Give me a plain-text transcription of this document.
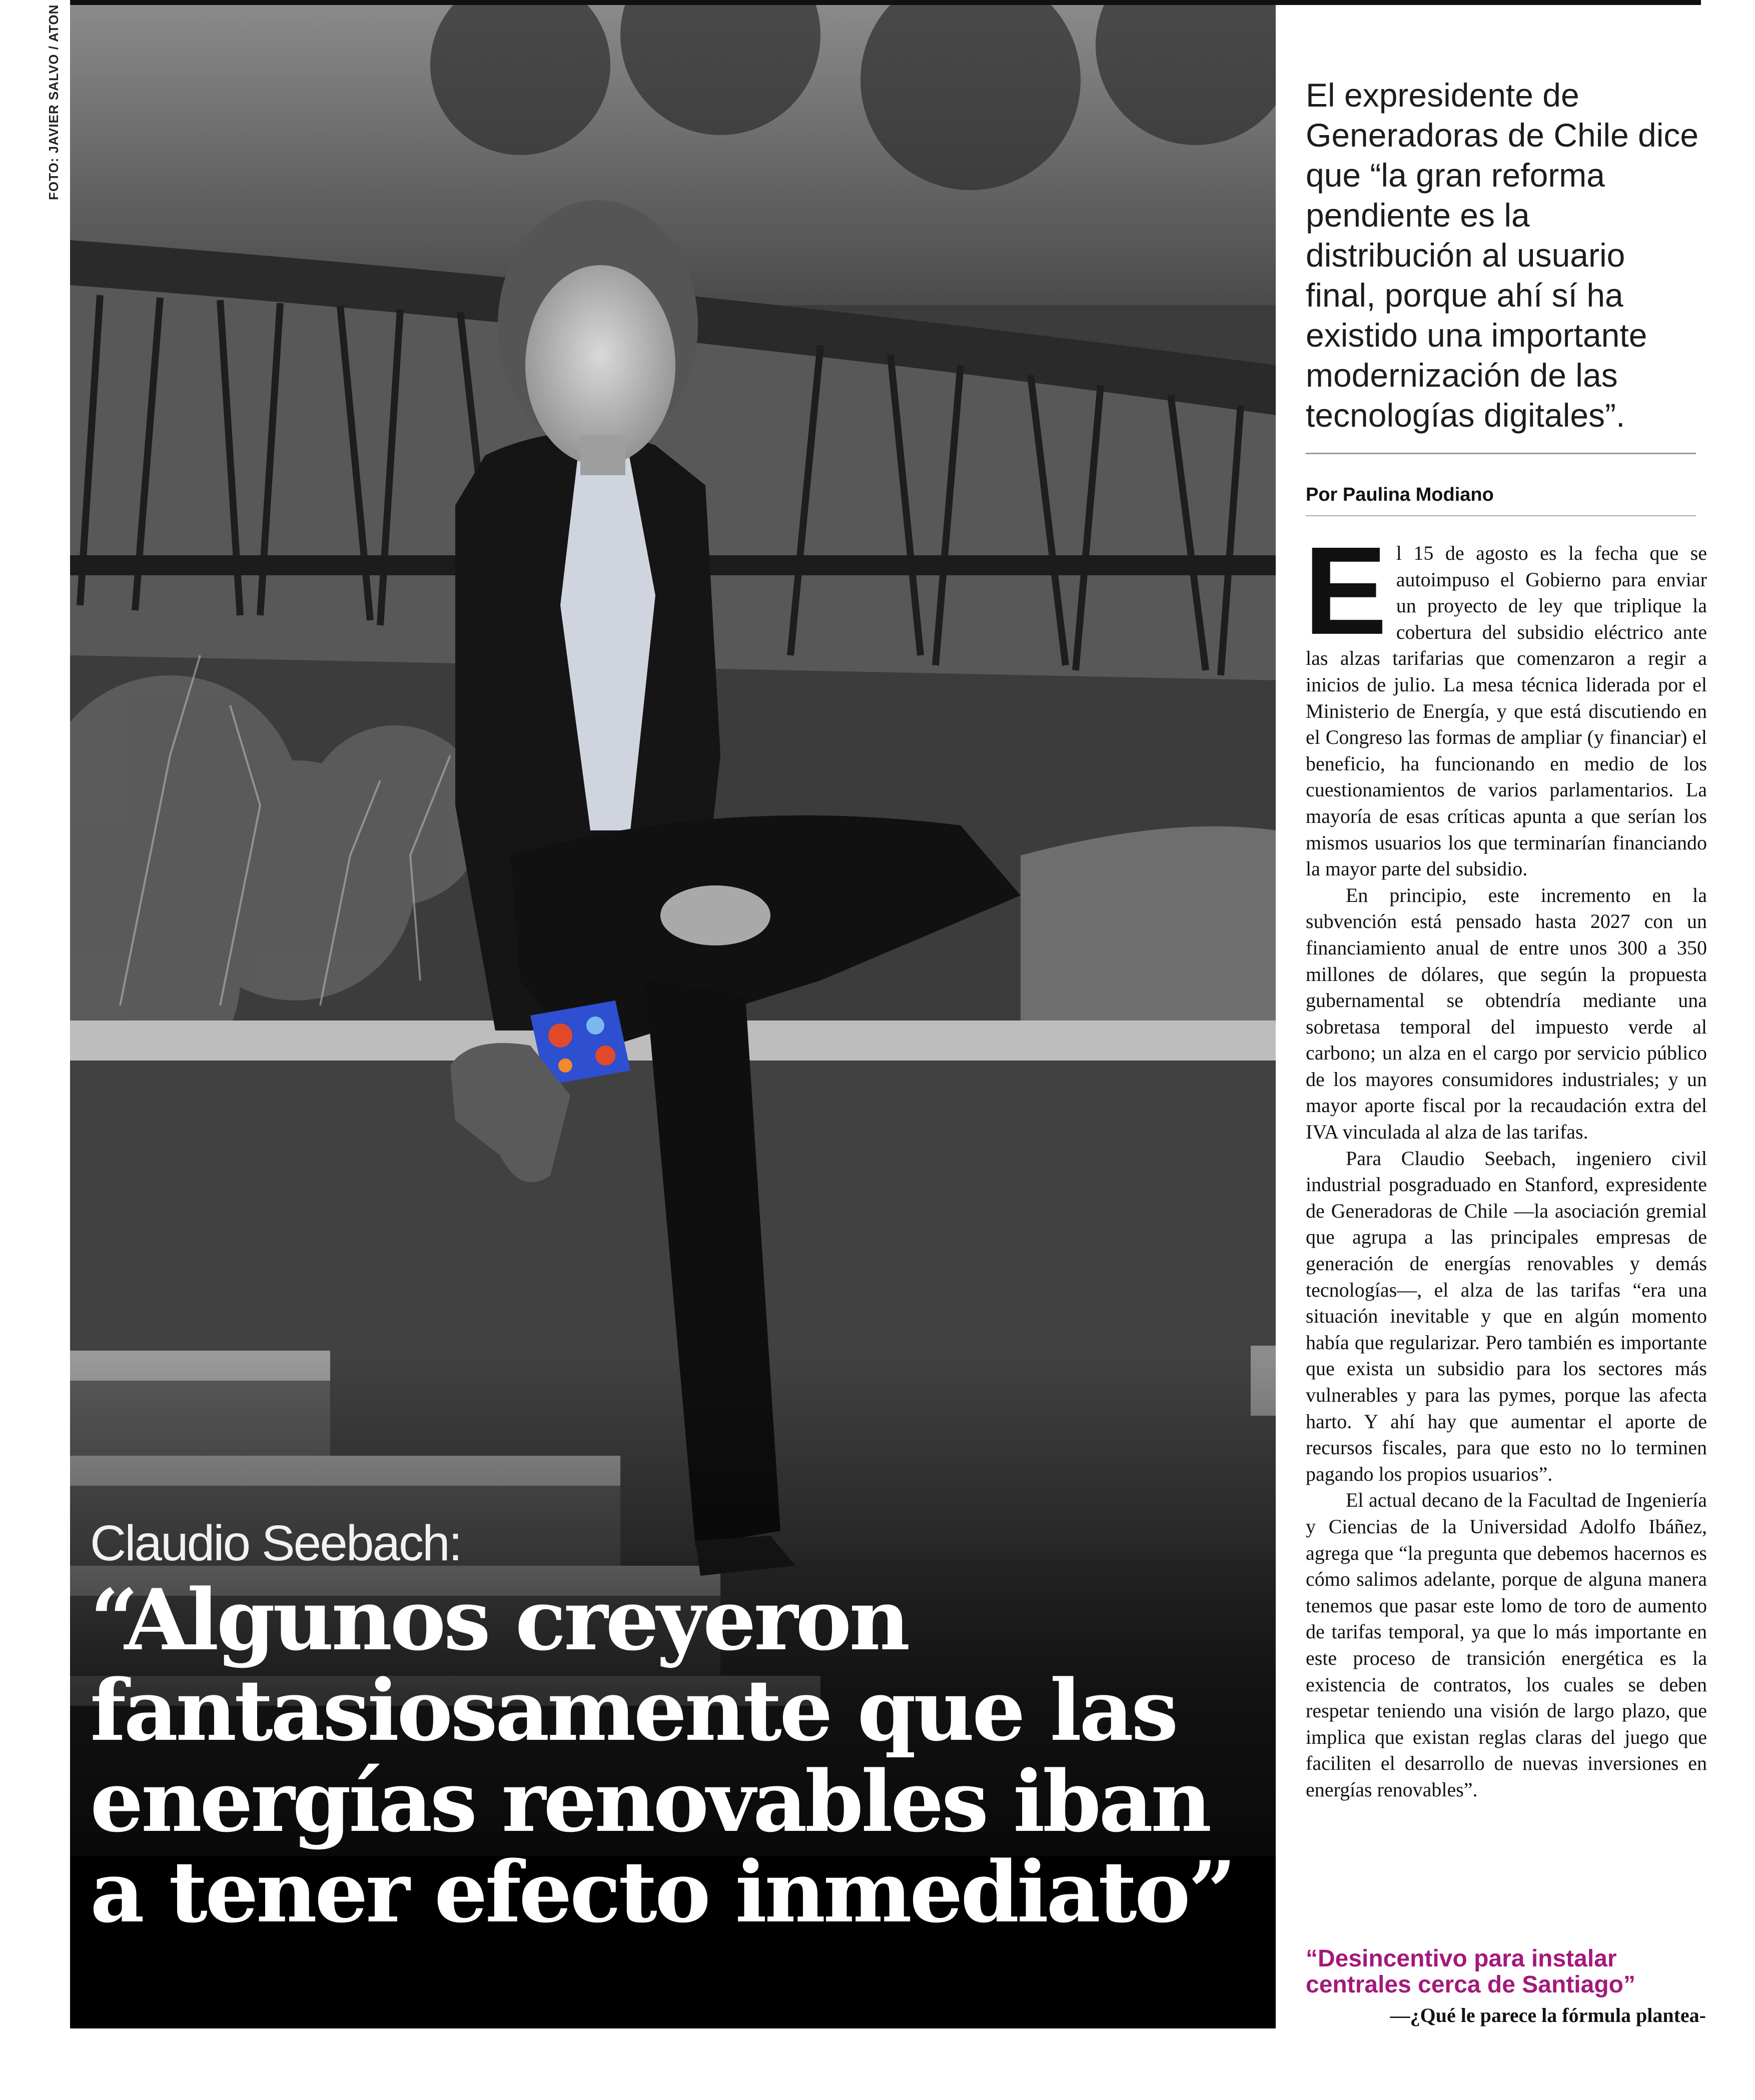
FOTO: JAVIER SALVO / ATON

Claudio Seebach:

“Algunos creyeron fantasiosamente que las energías renovables iban a tener efecto inmediato”

El expresidente de Generadoras de Chile dice que “la gran reforma pendiente es la distribución al usuario final, porque ahí sí ha existido una importante modernización de las tecnologías digitales”.

Por Paulina Modiano

El 15 de agosto es la fecha que se autoimpuso el Gobierno para enviar un proyecto de ley que triplique la cobertura del subsidio eléctrico ante las alzas tarifarias que comenzaron a regir a inicios de julio. La mesa técnica liderada por el Ministerio de Energía, y que está discutiendo en el Congreso las formas de ampliar (y financiar) el beneficio, ha funcionando en medio de los cuestionamientos de varios parlamentarios. La mayoría de esas críticas apunta a que serían los mismos usuarios los que terminarían financiando la mayor parte del subsidio.

En principio, este incremento en la subvención está pensado hasta 2027 con un financiamiento anual de entre unos 300 a 350 millones de dólares, que según la propuesta gubernamental se obtendría mediante una sobretasa temporal del impuesto verde al carbono; un alza en el cargo por servicio público de los mayores consumidores industriales; y un mayor aporte fiscal por la recaudación extra del IVA vinculada al alza de las tarifas.

Para Claudio Seebach, ingeniero civil industrial posgraduado en Stanford, expresidente de Generadoras de Chile —la asociación gremial que agrupa a las principales empresas de generación de energías renovables y demás tecnologías—, el alza de las tarifas “era una situación inevitable y que en algún momento había que regularizar. Pero también es importante que exista un subsidio para los sectores más vulnerables y para las pymes, porque las afecta harto. Y ahí hay que aumentar el aporte de recursos fiscales, para que esto no lo terminen pagando los propios usuarios”.

El actual decano de la Facultad de Ingeniería y Ciencias de la Universidad Adolfo Ibáñez, agrega que “la pregunta que debemos hacernos es cómo salimos adelante, porque de alguna manera tenemos que pasar este lomo de toro de aumento de tarifas temporal, ya que lo más importante en este proceso de transición energética es la existencia de contratos, los cuales se deben respetar teniendo una visión de largo plazo, que implica que existan reglas claras del juego que faciliten el desarrollo de nuevas inversiones en energías renovables”.

“Desincentivo para instalar centrales cerca de Santiago”
—¿Qué le parece la fórmula plantea-
